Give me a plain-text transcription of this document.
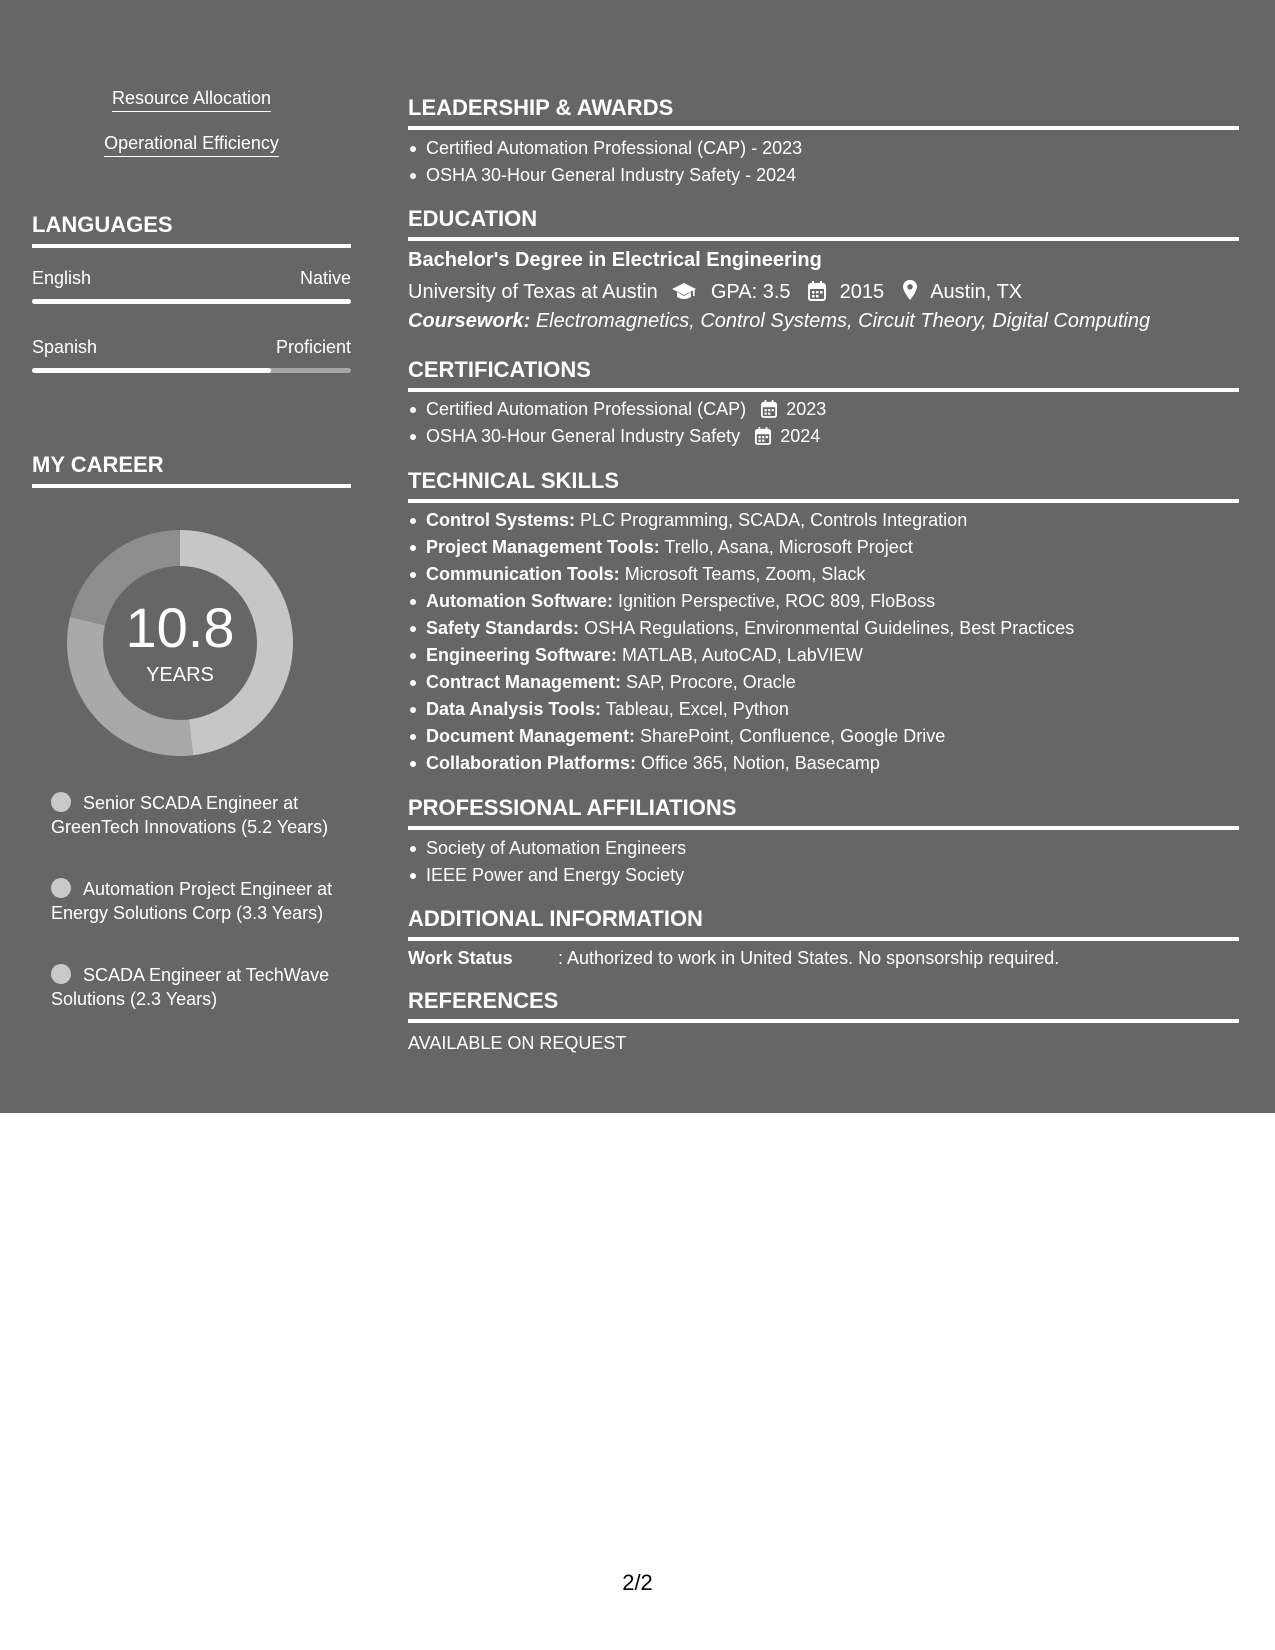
Resource Allocation
Operational Efficiency
LANGUAGES
English	Native
Spanish	Proficient
MY CAREER
10.8
YEARS
Senior SCADA Engineer at GreenTech Innovations (5.2 Years)
Automation Project Engineer at Energy Solutions Corp (3.3 Years)
SCADA Engineer at TechWave Solutions (2.3 Years)
LEADERSHIP & AWARDS
Certified Automation Professional (CAP) - 2023
OSHA 30-Hour General Industry Safety - 2024
EDUCATION
Bachelor's Degree in Electrical Engineering
University of Texas at Austin	GPA: 3.5 2015 Austin, TX
Coursework: Electromagnetics, Control Systems, Circuit Theory, Digital Computing
CERTIFICATIONS
Certified Automation Professional (CAP) 2023
OSHA 30-Hour General Industry Safety 2024
TECHNICAL SKILLS
Control Systems: PLC Programming, SCADA, Controls Integration
Project Management Tools: Trello, Asana, Microsoft Project
Communication Tools: Microsoft Teams, Zoom, Slack
Automation Software: Ignition Perspective, ROC 809, FloBoss
Safety Standards: OSHA Regulations, Environmental Guidelines, Best Practices
Engineering Software: MATLAB, AutoCAD, LabVIEW
Contract Management: SAP, Procore, Oracle
Data Analysis Tools: Tableau, Excel, Python
Document Management: SharePoint, Confluence, Google Drive
Collaboration Platforms: Office 365, Notion, Basecamp
PROFESSIONAL AFFILIATIONS
Society of Automation Engineers
IEEE Power and Energy Society
ADDITIONAL INFORMATION
Work Status	: Authorized to work in United States. No sponsorship required.
REFERENCES
AVAILABLE ON REQUEST
2/2
